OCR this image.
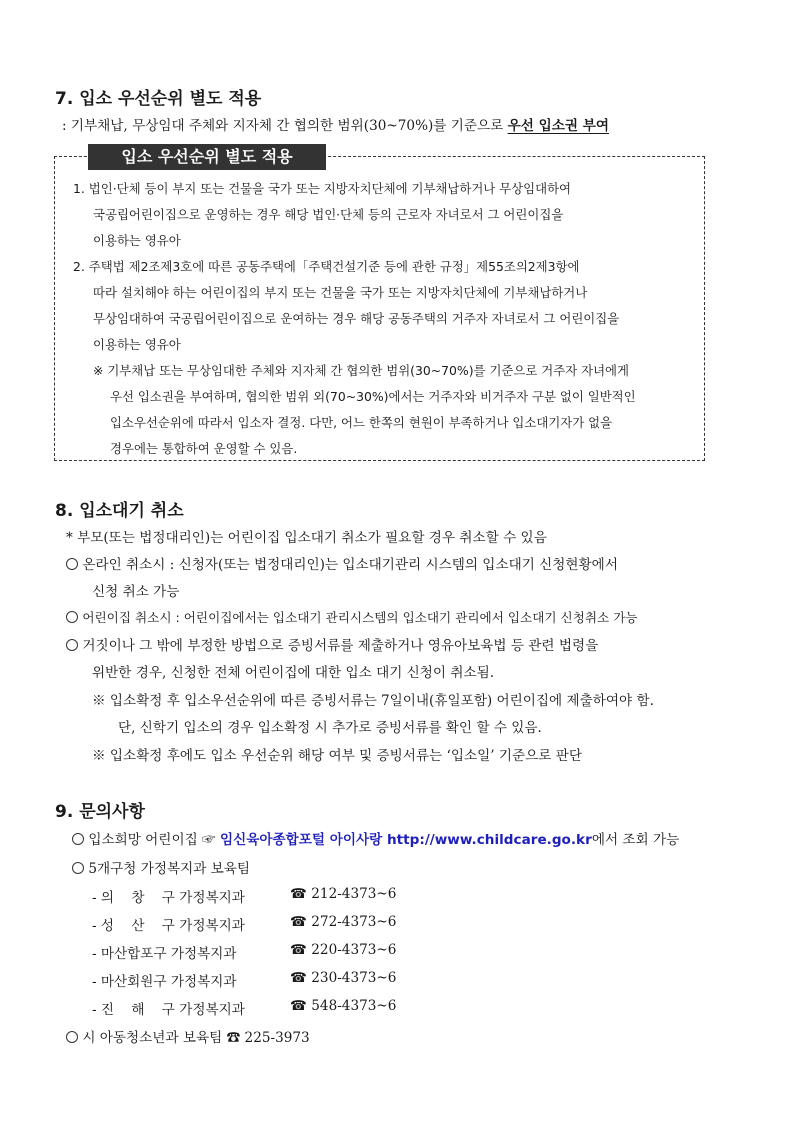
7. 입소 우선순위 별도 적용
: 기부채납, 무상임대 주체와 지자체 간 협의한 범위(30~70%)를 기준으로 우선 입소권 부여
입소 우선순위 별도 적용
1. 법인·단체 등이 부지 또는 건물을 국가 또는 지방자치단체에 기부채납하거나 무상임대하여
국공립어린이집으로 운영하는 경우 해당 법인·단체 등의 근로자 자녀로서 그 어린이집을
이용하는 영유아
2. 주택법 제2조제3호에 따른 공동주택에「주택건설기준 등에 관한 규정」제55조의2제3항에
따라 설치해야 하는 어린이집의 부지 또는 건물을 국가 또는 지방자치단체에 기부채납하거나
무상임대하여 국공립어린이집으로 운여하는 경우 해당 공동주택의 거주자 자녀로서 그 어린이집을
이용하는 영유아
※ 기부채납 또는 무상임대한 주체와 지자체 간 협의한 범위(30~70%)를 기준으로 거주자 자녀에게
우선 입소권을 부여하며, 협의한 범위 외(70~30%)에서는 거주자와 비거주자 구분 없이 일반적인
입소우선순위에 따라서 입소자 결정. 다만, 어느 한쪽의 현원이 부족하거나 입소대기자가 없을
경우에는 통합하여 운영할 수 있음.
8. 입소대기 취소
* 부모(또는 법정대리인)는 어린이집 입소대기 취소가 필요할 경우 취소할 수 있음
온라인 취소시 : 신청자(또는 법정대리인)는 입소대기관리 시스템의 입소대기 신청현황에서
신청 취소 가능
어린이집 취소시 : 어린이집에서는 입소대기 관리시스템의 입소대기 관리에서 입소대기 신청취소 가능
거짓이나 그 밖에 부정한 방법으로 증빙서류를 제출하거나 영유아보육법 등 관련 법령을
위반한 경우, 신청한 전체 어린이집에 대한 입소 대기 신청이 취소됨.
※ 입소확정 후 입소우선순위에 따른 증빙서류는 7일이내(휴일포함) 어린이집에 제출하여야 함.
단, 신학기 입소의 경우 입소확정 시 추가로 증빙서류를 확인 할 수 있음.
※ 입소확정 후에도 입소 우선순위 해당 여부 및 증빙서류는 ‘입소일’ 기준으로 판단
9. 문의사항
입소희망 어린이집 ☞ 임신육아종합포털 아이사랑 http://www.childcare.go.kr에서 조회 가능
5개구청 가정복지과 보육팀
- 의    창    구 가정복지과	☎ 212-4373~6
- 성    산    구 가정복지과	☎ 272-4373~6
- 마산합포구 가정복지과	☎ 220-4373~6
- 마산회원구 가정복지과	☎ 230-4373~6
- 진    해    구 가정복지과	☎ 548-4373~6
시 아동청소년과 보육팀 ☎ 225-3973
